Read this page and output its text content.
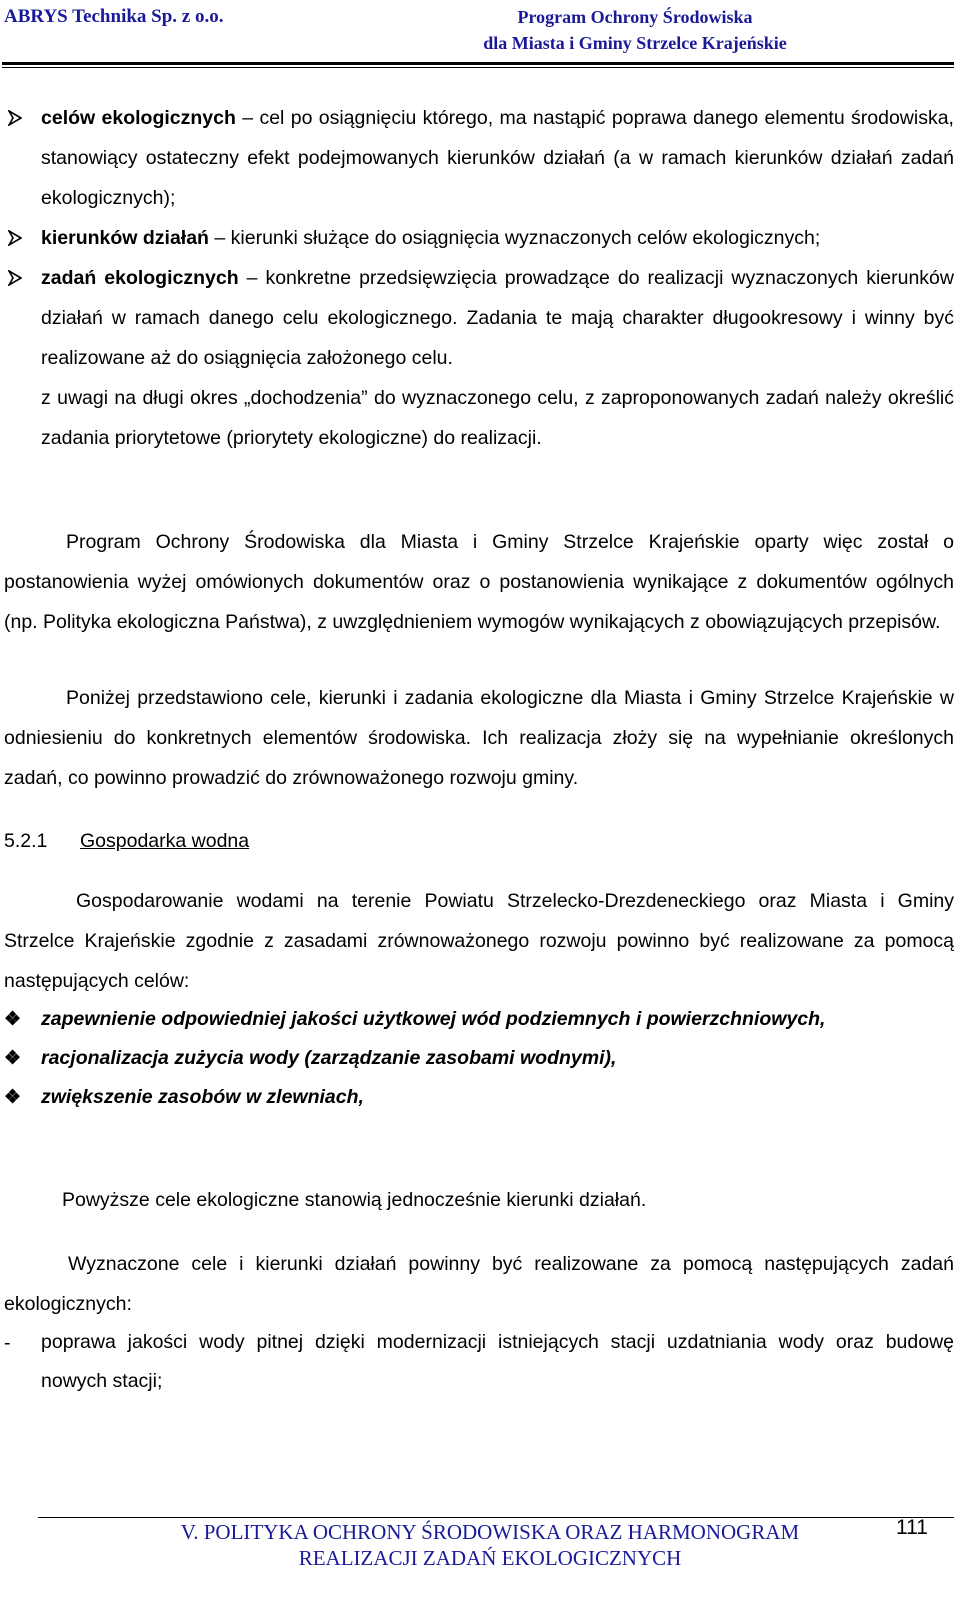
ABRYS Technika Sp. z o.o.	Program Ochrony Środowiska
dla Miasta i Gminy Strzelce Krajeńskie
celów ekologicznych – cel po osiągnięciu którego, ma nastąpić poprawa danego elementu środowiska, stanowiący ostateczny efekt podejmowanych kierunków działań (a w ramach kierunków działań zadań ekologicznych);
kierunków działań – kierunki służące do osiągnięcia wyznaczonych celów ekologicznych;
zadań ekologicznych – konkretne przedsięwzięcia prowadzące do realizacji wyznaczonych kierunków działań w ramach danego celu ekologicznego. Zadania te mają charakter długookresowy i winny być realizowane aż do osiągnięcia założonego celu.
z uwagi na długi okres „dochodzenia” do wyznaczonego celu, z zaproponowanych zadań należy określić zadania priorytetowe (priorytety ekologiczne) do realizacji.
Program Ochrony Środowiska dla Miasta i Gminy Strzelce Krajeńskie oparty więc został o postanowienia wyżej omówionych dokumentów oraz o postanowienia wynikające z dokumentów ogólnych (np. Polityka ekologiczna Państwa), z uwzględnieniem wymogów wynikających z obowiązujących przepisów.
Poniżej przedstawiono cele, kierunki i zadania ekologiczne dla Miasta i Gminy Strzelce Krajeńskie w odniesieniu do konkretnych elementów środowiska. Ich realizacja złoży się na wypełnianie określonych zadań, co powinno prowadzić do zrównoważonego rozwoju gminy.
5.2.1 Gospodarka wodna
Gospodarowanie wodami na terenie Powiatu Strzelecko-Drezdeneckiego oraz Miasta i Gminy Strzelce Krajeńskie zgodnie z zasadami zrównoważonego rozwoju powinno być realizowane za pomocą następujących celów:
❖ zapewnienie odpowiedniej jakości użytkowej wód podziemnych i powierzchniowych,
❖ racjonalizacja zużycia wody (zarządzanie zasobami wodnymi),
❖ zwiększenie zasobów w zlewniach,
Powyższe cele ekologiczne stanowią jednocześnie kierunki działań.
Wyznaczone cele i kierunki działań powinny być realizowane za pomocą następujących zadań ekologicznych:
-	poprawa jakości wody pitnej dzięki modernizacji istniejących stacji uzdatniania wody oraz budowę nowych stacji;
V. POLITYKA OCHRONY ŚRODOWISKA ORAZ HARMONOGRAM REALIZACJI ZADAŃ EKOLOGICZNYCH
111
